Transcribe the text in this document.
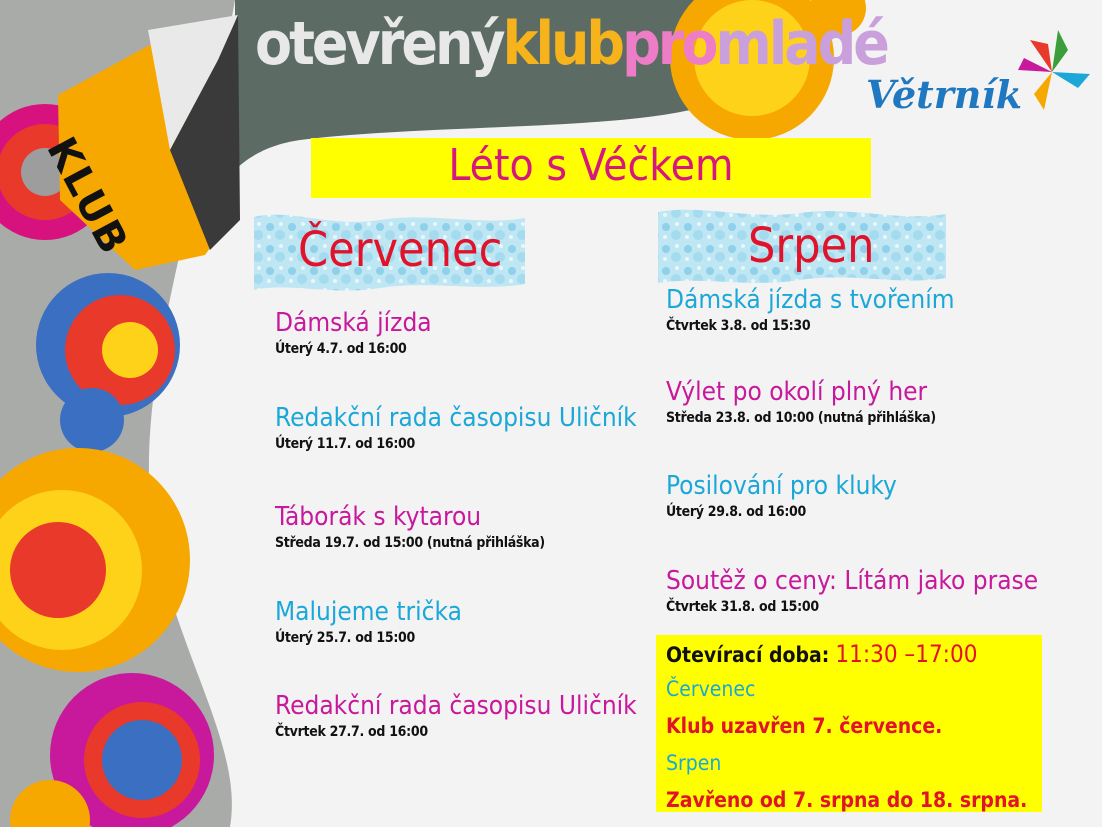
otevřenýklubpromladé
KLUB
Větrník
Léto s Véčkem
Červenec
Dámská jízda
Úterý 4.7. od 16:00
Redakční rada časopisu Uličník
Úterý 11.7. od 16:00
Táborák s kytarou
Středa 19.7. od 15:00 (nutná přihláška)
Malujeme trička
Úterý 25.7. od 15:00
Redakční rada časopisu Uličník
Čtvrtek 27.7. od 16:00
Srpen
Dámská jízda s tvořením
Čtvrtek 3.8. od 15:30
Výlet po okolí plný her
Středa 23.8. od 10:00 (nutná přihláška)
Posilování pro kluky
Úterý 29.8. od 16:00
Soutěž o ceny: Lítám jako prase
Čtvrtek 31.8. od 15:00
Otevírací doba: 11:30 –17:00
Červenec
Klub uzavřen 7. července.
Srpen
Zavřeno od 7. srpna do 18. srpna.
